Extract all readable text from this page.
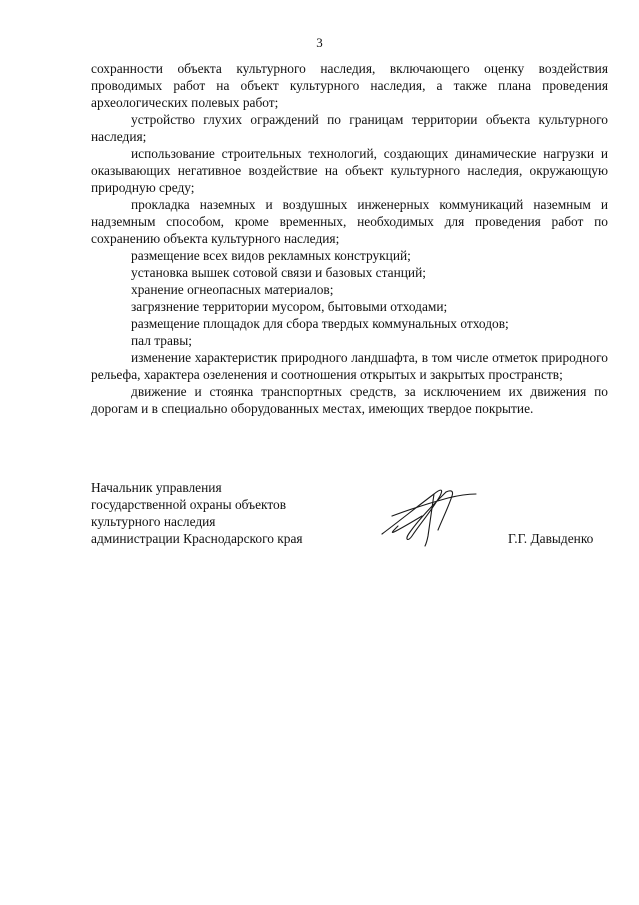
3

сохранности объекта культурного наследия, включающего оценку воздействия проводимых работ на объект культурного наследия, а также плана проведения археологических полевых работ;

устройство глухих ограждений по границам территории объекта культурного наследия;

использование строительных технологий, создающих динамические нагрузки и оказывающих негативное воздействие на объект культурного наследия, окружающую природную среду;

прокладка наземных и воздушных инженерных коммуникаций наземным и надземным способом, кроме временных, необходимых для проведения работ по сохранению объекта культурного наследия;

размещение всех видов рекламных конструкций;

установка вышек сотовой связи и базовых станций;

хранение огнеопасных материалов;

загрязнение территории мусором, бытовыми отходами;

размещение площадок для сбора твердых коммунальных отходов;

пал травы;

изменение характеристик природного ландшафта, в том числе отметок природного рельефа, характера озеленения и соотношения открытых и закрытых пространств;

движение и стоянка транспортных средств, за исключением их движения по дорогам и в специально оборудованных местах, имеющих твердое покрытие.

Начальник управления
государственной охраны объектов
культурного наследия
администрации Краснодарского края	Г.Г. Давыденко
